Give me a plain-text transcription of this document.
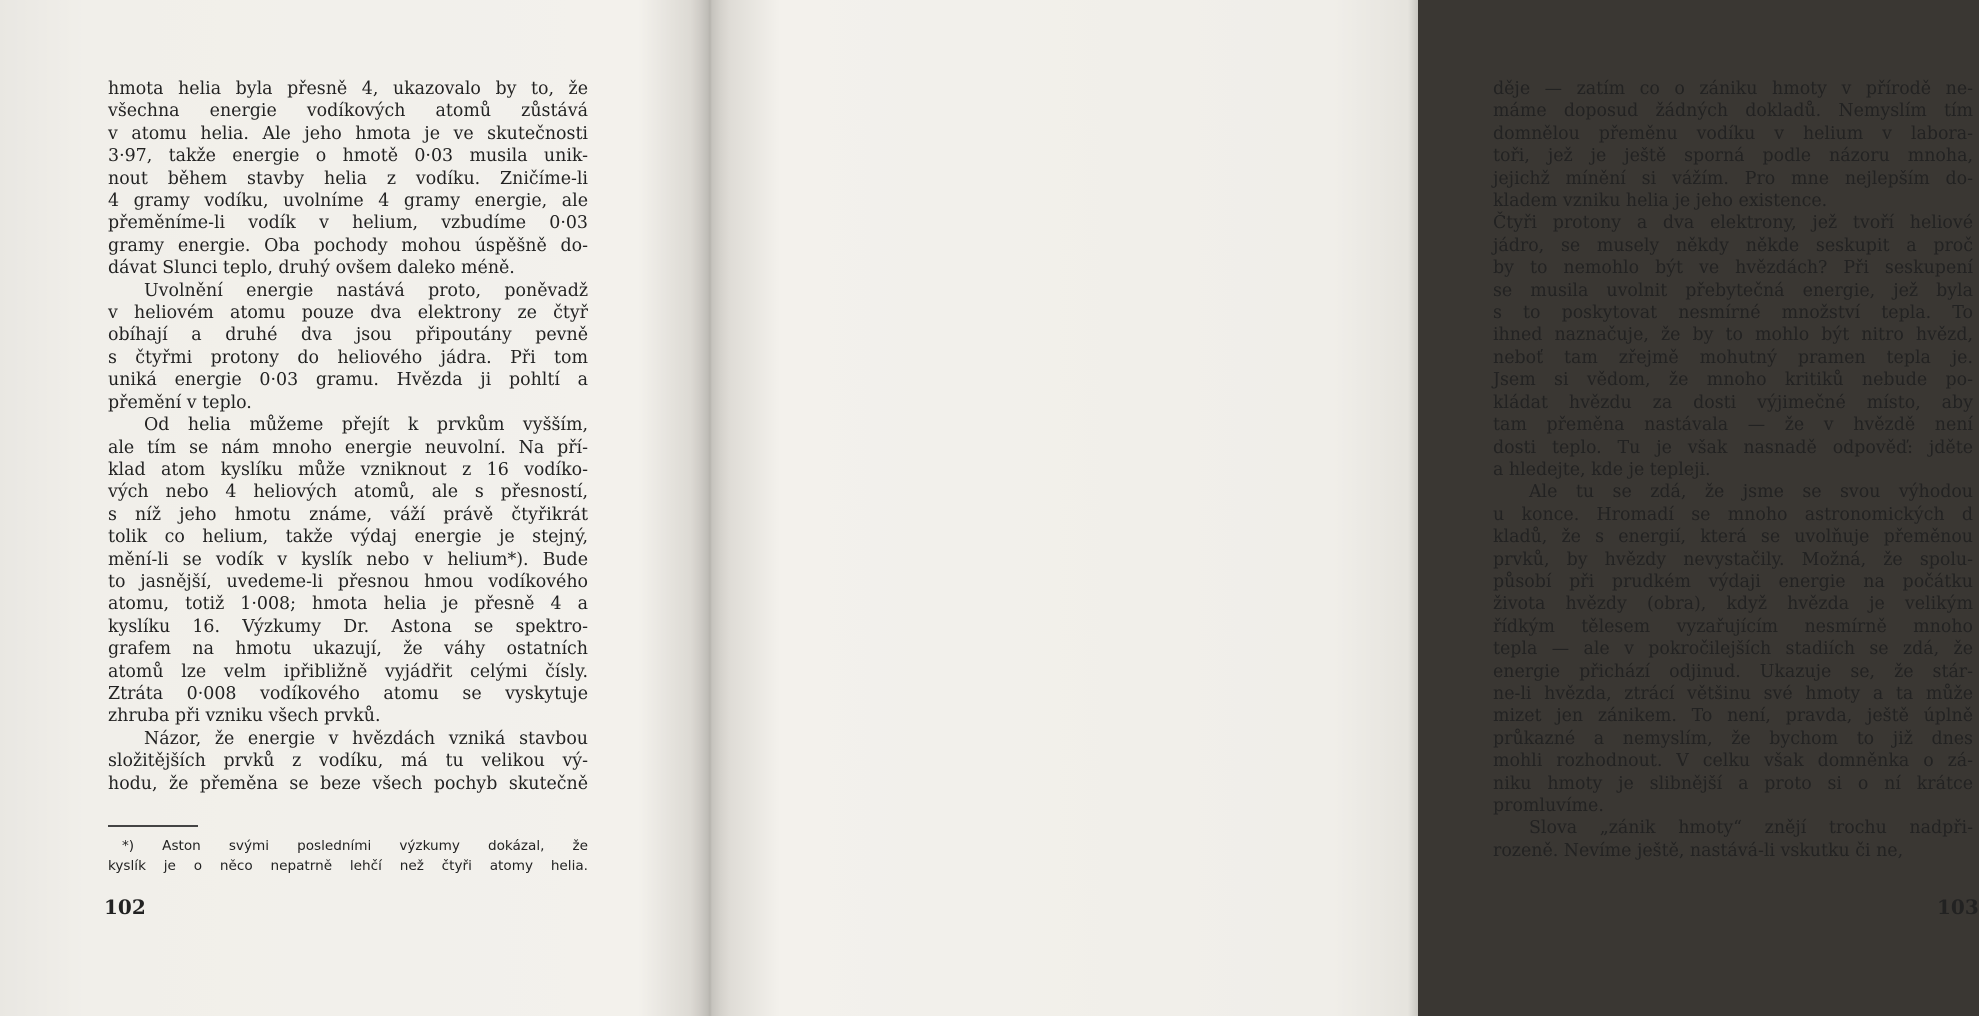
hmota helia byla přesně 4, ukazovalo by to, že
všechna energie vodíkových atomů zůstává
v atomu helia. Ale jeho hmota je ve skutečnosti
3·97, takže energie o hmotě 0·03 musila unik-
nout během stavby helia z vodíku. Zničíme-li
4 gramy vodíku, uvolníme 4 gramy energie, ale
přeměníme-li vodík v helium, vzbudíme 0·03
gramy energie. Oba pochody mohou úspěšně do-
dávat Slunci teplo, druhý ovšem daleko méně.
Uvolnění energie nastává proto, poněvadž
v heliovém atomu pouze dva elektrony ze čtyř
obíhají a druhé dva jsou připoutány pevně
s čtyřmi protony do heliového jádra. Při tom
uniká energie 0·03 gramu. Hvězda ji pohltí a
přemění v teplo.
Od helia můžeme přejít k prvkům vyšším,
ale tím se nám mnoho energie neuvolní. Na pří-
klad atom kyslíku může vzniknout z 16 vodíko-
vých nebo 4 heliových atomů, ale s přesností,
s níž jeho hmotu známe, váží právě čtyřikrát
tolik co helium, takže výdaj energie je stejný,
mění-li se vodík v kyslík nebo v helium*). Bude
to jasnější, uvedeme-li přesnou hmou vodíkového
atomu, totiž 1·008; hmota helia je přesně 4 a
kyslíku 16. Výzkumy Dr. Astona se spektro-
grafem na hmotu ukazují, že váhy ostatních
atomů lze velm ipřibližně vyjádřit celými čísly.
Ztráta 0·008 vodíkového atomu se vyskytuje
zhruba při vzniku všech prvků.
Názor, že energie v hvězdách vzniká stavbou
složitějších prvků z vodíku, má tu velikou vý-
hodu, že přeměna se beze všech pochyb skutečně
*) Aston svými posledními výzkumy dokázal, že
kyslík je o něco nepatrně lehčí než čtyři atomy helia.
102
děje — zatím co o zániku hmoty v přírodě ne-
máme doposud žádných dokladů. Nemyslím tím
domnělou přeměnu vodíku v helium v labora-
toři, jež je ještě sporná podle názoru mnoha,
jejichž mínění si vážím. Pro mne nejlepším do-
kladem vzniku helia je jeho existence.
Čtyři protony a dva elektrony, jež tvoří heliové
jádro, se musely někdy někde seskupit a proč
by to nemohlo být ve hvězdách? Při seskupení
se musila uvolnit přebytečná energie, jež byla
s to poskytovat nesmírné množství tepla. To
ihned naznačuje, že by to mohlo být nitro hvězd,
neboť tam zřejmě mohutný pramen tepla je.
Jsem si vědom, že mnoho kritiků nebude po-
kládat hvězdu za dosti výjimečné místo, aby
tam přeměna nastávala — že v hvězdě není
dosti teplo. Tu je však nasnadě odpověď: jděte
a hledejte, kde je tepleji.
Ale tu se zdá, že jsme se svou výhodou
u konce. Hromadí se mnoho astronomických d
kladů, že s energií, která se uvolňuje přeměnou
prvků, by hvězdy nevystačily. Možná, že spolu-
působí při prudkém výdaji energie na počátku
života hvězdy (obra), když hvězda je velikým
řídkým tělesem vyzařujícím nesmírně mnoho
tepla — ale v pokročilejších stadiích se zdá, že
energie přichází odjinud. Ukazuje se, že stár-
ne-li hvězda, ztrácí většinu své hmoty a ta může
mizet jen zánikem. To není, pravda, ještě úplně
průkazné a nemyslím, že bychom to již dnes
mohli rozhodnout. V celku však domněnka o zá-
niku hmoty je slibnější a proto si o ní krátce
promluvíme.
Slova „zánik hmoty“ znějí trochu nadpři-
rozeně. Nevíme ještě, nastává-li vskutku či ne,
103
